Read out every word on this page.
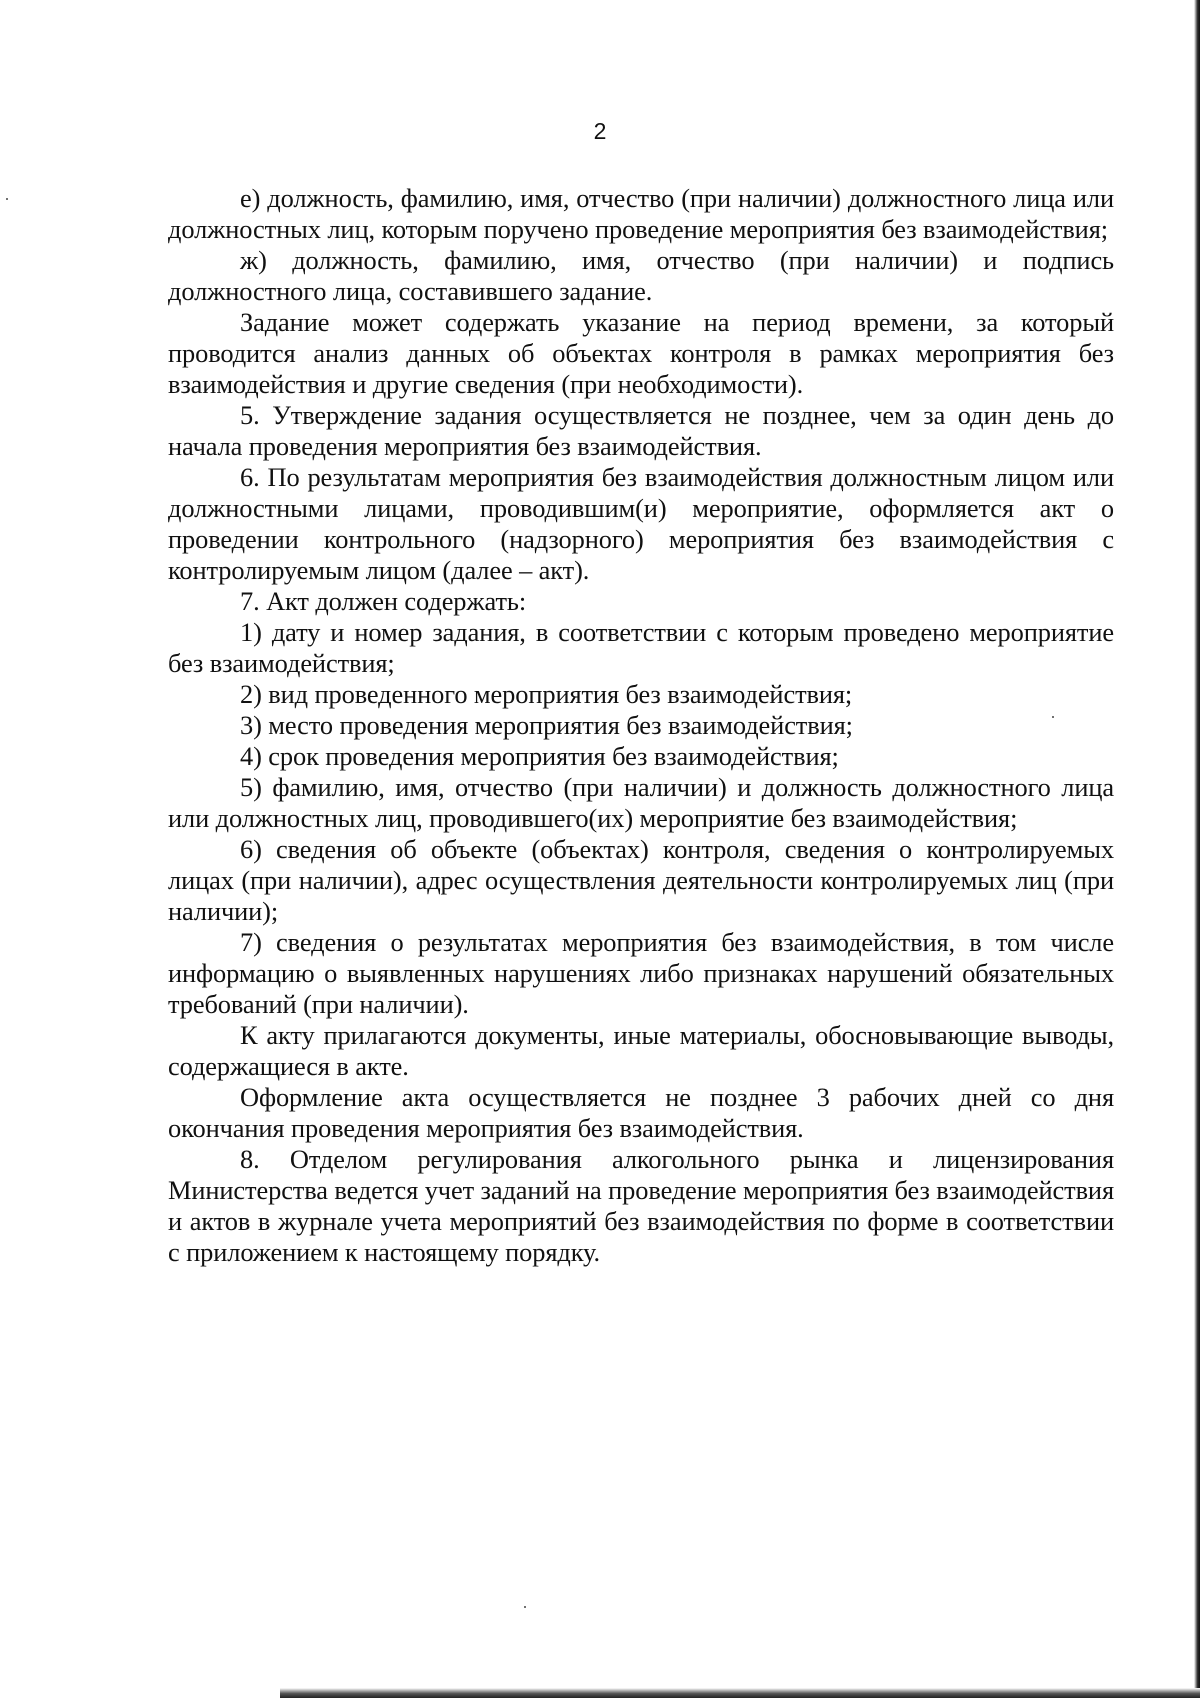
2

е) должность, фамилию, имя, отчество (при наличии) должностного лица или должностных лиц, которым поручено проведение мероприятия без взаимодействия;

ж) должность, фамилию, имя, отчество (при наличии) и подпись должностного лица, составившего задание.

Задание может содержать указание на период времени, за который проводится анализ данных об объектах контроля в рамках мероприятия без взаимодействия и другие сведения (при необходимости).

5. Утверждение задания осуществляется не позднее, чем за один день до начала проведения мероприятия без взаимодействия.

6. По результатам мероприятия без взаимодействия должностным лицом или должностными лицами, проводившим(и) мероприятие, оформляется акт о проведении контрольного (надзорного) мероприятия без взаимодействия с контролируемым лицом (далее – акт).

7. Акт должен содержать:

1) дату и номер задания, в соответствии с которым проведено мероприятие без взаимодействия;

2) вид проведенного мероприятия без взаимодействия;

3) место проведения мероприятия без взаимодействия;

4) срок проведения мероприятия без взаимодействия;

5) фамилию, имя, отчество (при наличии) и должность должностного лица или должностных лиц, проводившего(их) мероприятие без взаимодействия;

6) сведения об объекте (объектах) контроля, сведения о контролируемых лицах (при наличии), адрес осуществления деятельности контролируемых лиц (при наличии);

7) сведения о результатах мероприятия без взаимодействия, в том числе информацию о выявленных нарушениях либо признаках нарушений обязательных требований (при наличии).

К акту прилагаются документы, иные материалы, обосновывающие выводы, содержащиеся в акте.

Оформление акта осуществляется не позднее 3 рабочих дней со дня окончания проведения мероприятия без взаимодействия.

8. Отделом регулирования алкогольного рынка и лицензирования Министерства ведется учет заданий на проведение мероприятия без взаимодействия и актов в журнале учета мероприятий без взаимодействия по форме в соответствии с приложением к настоящему порядку.
